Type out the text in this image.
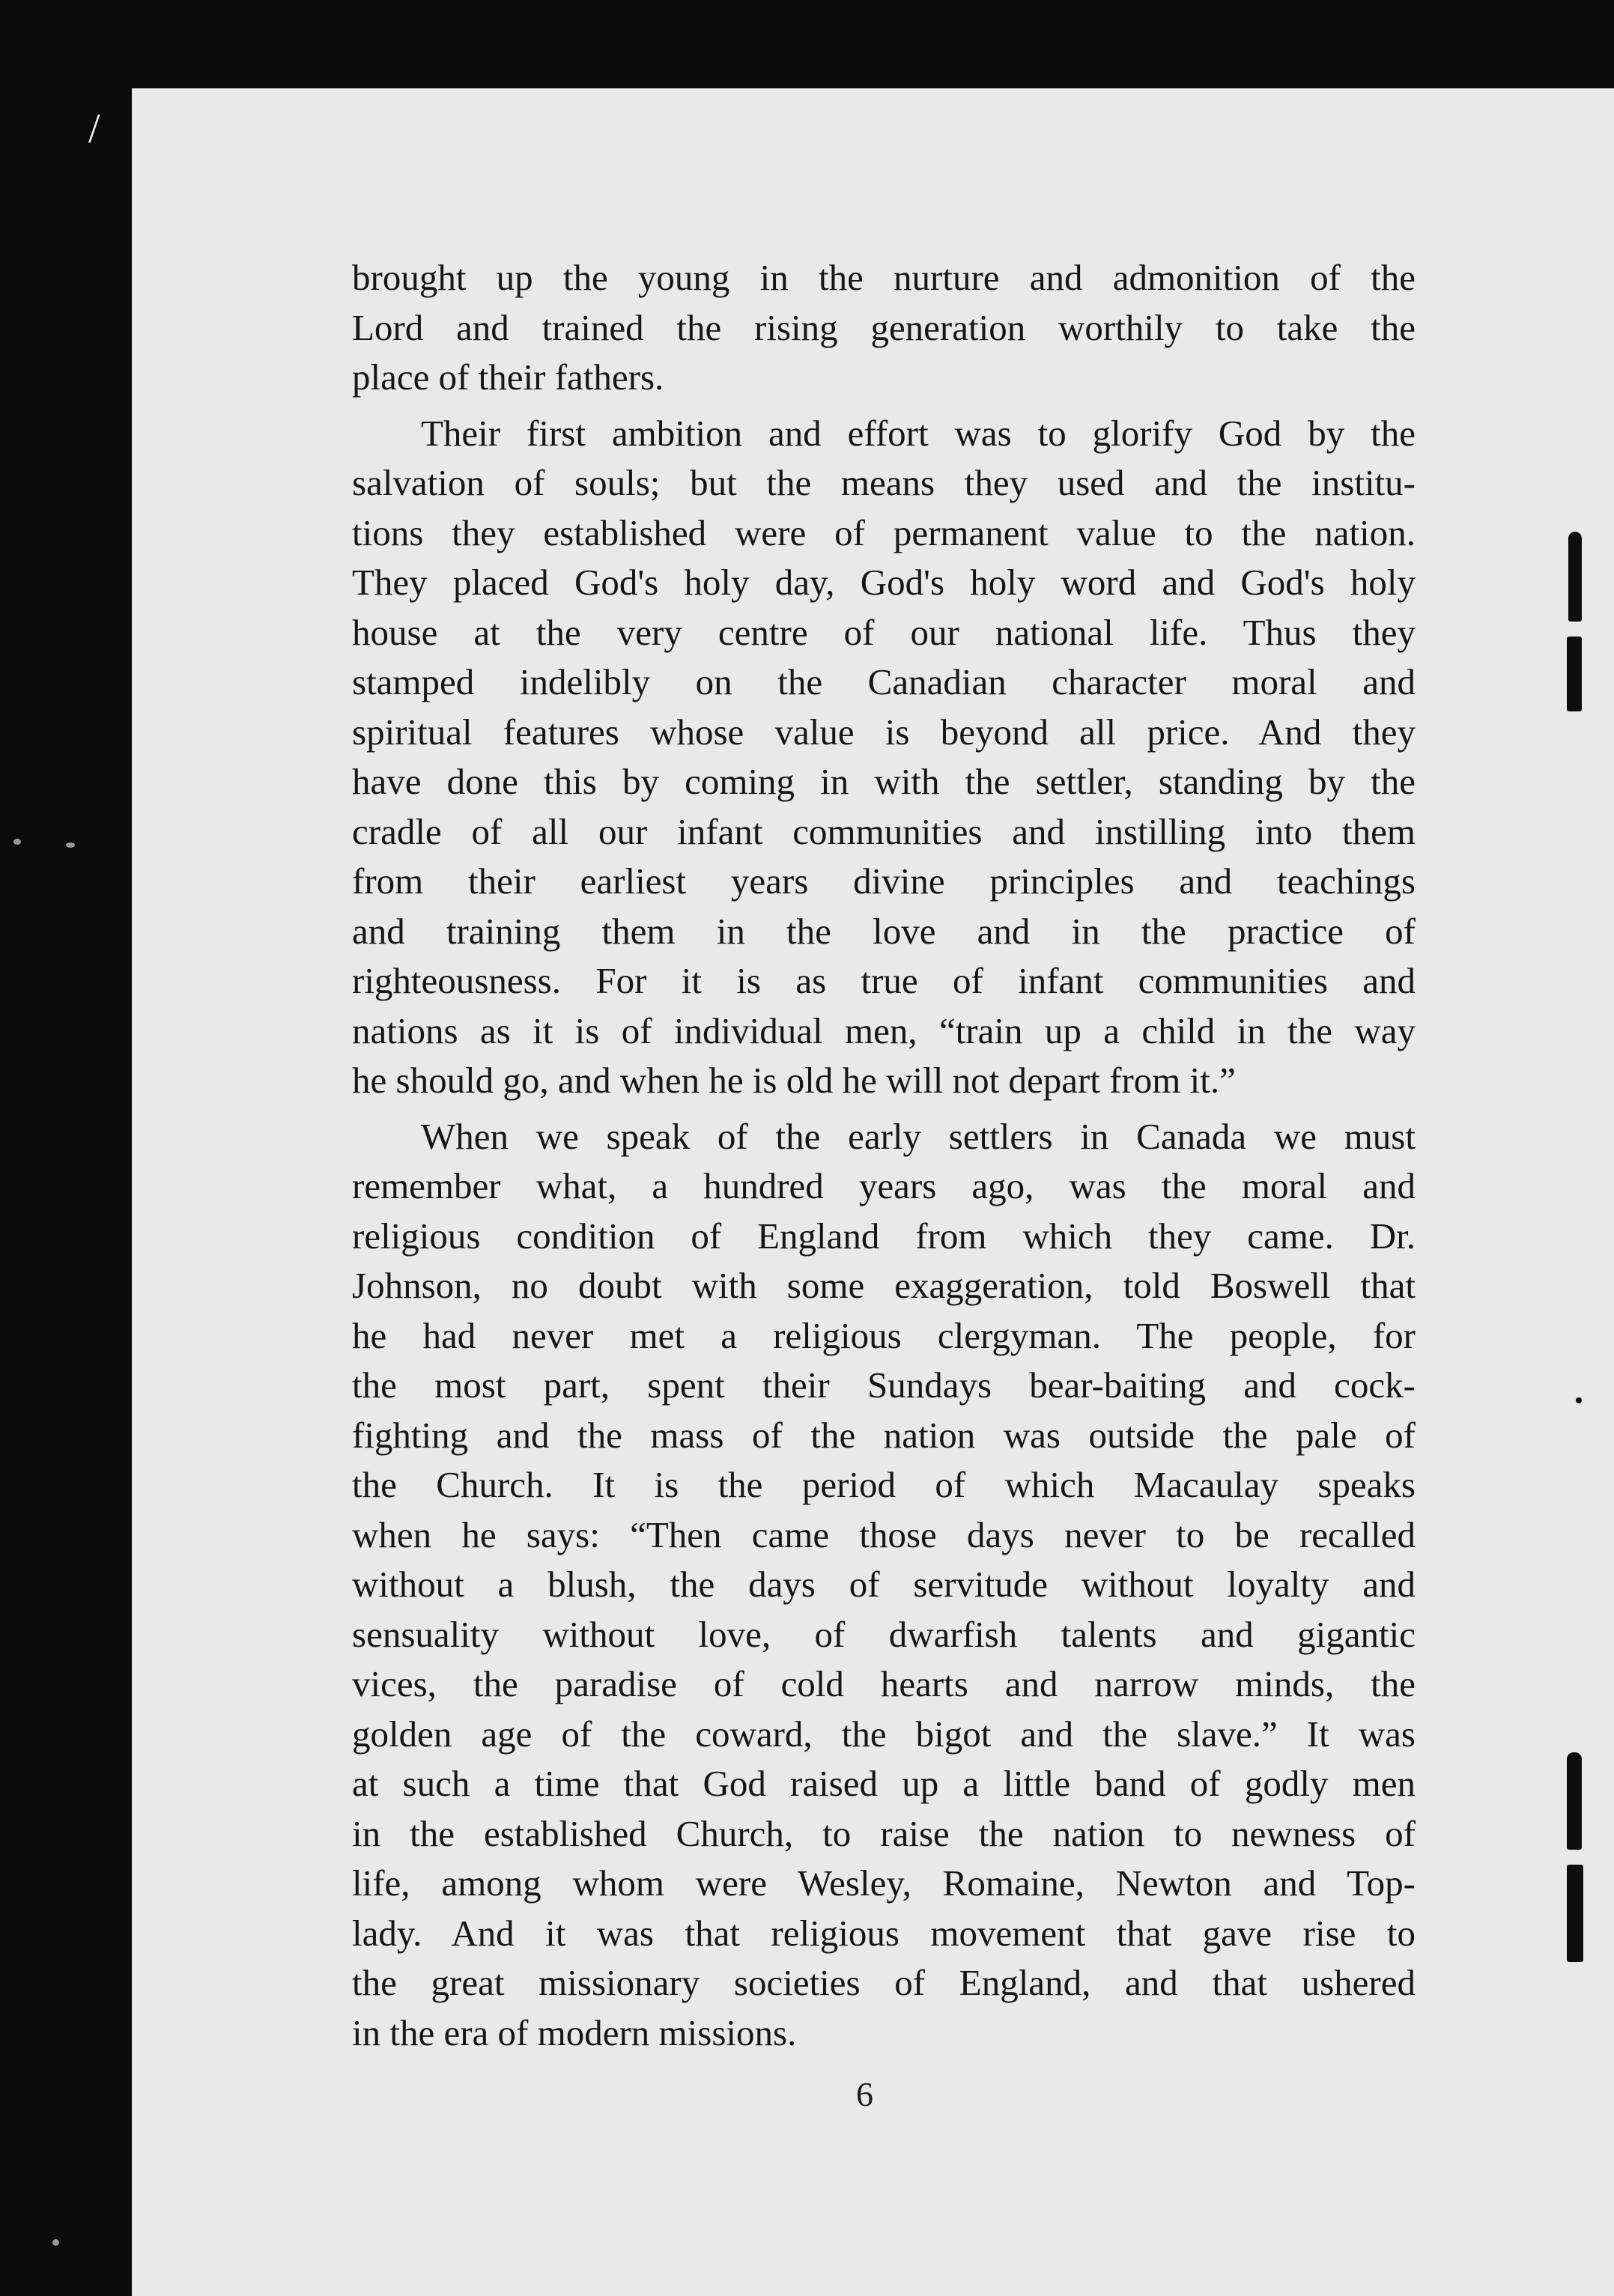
/
brought up the young in the nurture and admonition of the
Lord and trained the rising generation worthily to take the
place of their fathers.
Their first ambition and effort was to glorify God by the
salvation of souls; but the means they used and the institu-
tions they established were of permanent value to the nation.
They placed God's holy day, God's holy word and God's holy
house at the very centre of our national life. Thus they
stamped indelibly on the Canadian character moral and
spiritual features whose value is beyond all price. And they
have done this by coming in with the settler, standing by the
cradle of all our infant communities and instilling into them
from their earliest years divine principles and teachings
and training them in the love and in the practice of
righteousness. For it is as true of infant communities and
nations as it is of individual men, “train up a child in the way
he should go, and when he is old he will not depart from it.”
When we speak of the early settlers in Canada we must
remember what, a hundred years ago, was the moral and
religious condition of England from which they came. Dr.
Johnson, no doubt with some exaggeration, told Boswell that
he had never met a religious clergyman. The people, for
the most part, spent their Sundays bear-baiting and cock-
fighting and the mass of the nation was outside the pale of
the Church. It is the period of which Macaulay speaks
when he says: “Then came those days never to be recalled
without a blush, the days of servitude without loyalty and
sensuality without love, of dwarfish talents and gigantic
vices, the paradise of cold hearts and narrow minds, the
golden age of the coward, the bigot and the slave.” It was
at such a time that God raised up a little band of godly men
in the established Church, to raise the nation to newness of
life, among whom were Wesley, Romaine, Newton and Top-
lady. And it was that religious movement that gave rise to
the great missionary societies of England, and that ushered
in the era of modern missions.
6
